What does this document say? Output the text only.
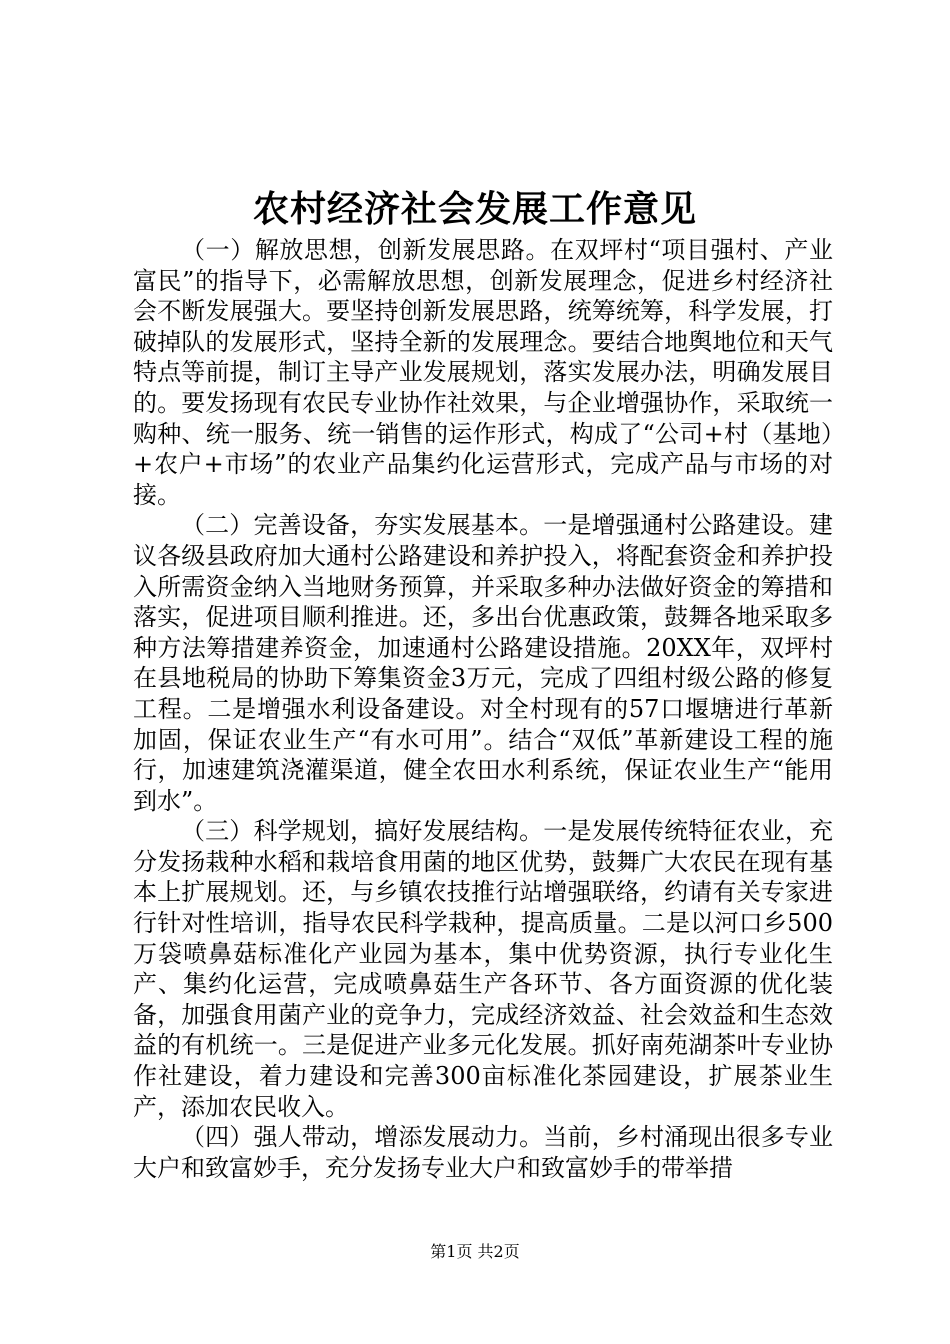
农村经济社会发展工作意见

（一）解放思想，创新发展思路。在双坪村“项目强村、产业富民”的指导下，必需解放思想，创新发展理念，促进乡村经济社会不断发展强大。要坚持创新发展思路，统筹统筹，科学发展，打破掉队的发展形式，坚持全新的发展理念。要结合地舆地位和天气特点等前提，制订主导产业发展规划，落实发展办法，明确发展目的。要发扬现有农民专业协作社效果，与企业增强协作，采取统一购种、统一服务、统一销售的运作形式，构成了“公司+村（基地）+农户+市场”的农业产品集约化运营形式，完成产品与市场的对接。

（二）完善设备，夯实发展基本。一是增强通村公路建设。建议各级县政府加大通村公路建设和养护投入，将配套资金和养护投入所需资金纳入当地财务预算，并采取多种办法做好资金的筹措和落实，促进项目顺利推进。还，多出台优惠政策，鼓舞各地采取多种方法筹措建养资金，加速通村公路建设措施。20XX年，双坪村在县地税局的协助下筹集资金3万元，完成了四组村级公路的修复工程。二是增强水利设备建设。对全村现有的57口堰塘进行革新加固，保证农业生产“有水可用”。结合“双低”革新建设工程的施行，加速建筑浇灌渠道，健全农田水利系统，保证农业生产“能用到水”。

（三）科学规划，搞好发展结构。一是发展传统特征农业，充分发扬栽种水稻和栽培食用菌的地区优势，鼓舞广大农民在现有基本上扩展规划。还，与乡镇农技推行站增强联络，约请有关专家进行针对性培训，指导农民科学栽种，提高质量。二是以河口乡500万袋喷鼻菇标准化产业园为基本，集中优势资源，执行专业化生产、集约化运营，完成喷鼻菇生产各环节、各方面资源的优化装备，加强食用菌产业的竞争力，完成经济效益、社会效益和生态效益的有机统一。三是促进产业多元化发展。抓好南苑湖茶叶专业协作社建设，着力建设和完善300亩标准化茶园建设，扩展茶业生产，添加农民收入。

（四）强人带动，增添发展动力。当前，乡村涌现出很多专业大户和致富妙手，充分发扬专业大户和致富妙手的带举措

第1页 共2页
